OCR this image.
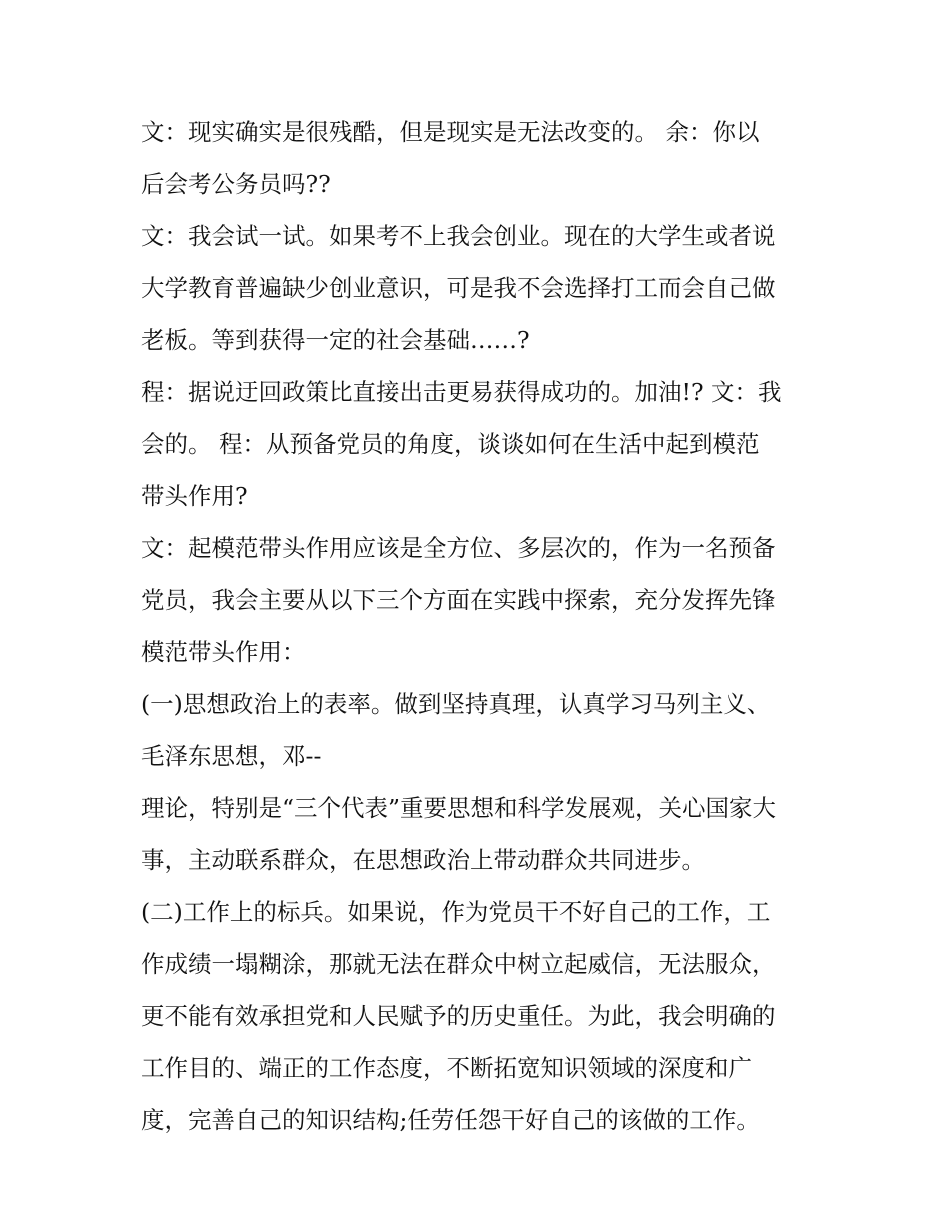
文：现实确实是很残酷，但是现实是无法改变的。 余：你以
后会考公务员吗??
文：我会试一试。如果考不上我会创业。现在的大学生或者说
大学教育普遍缺少创业意识，可是我不会选择打工而会自己做
老板。等到获得一定的社会基础……?
程：据说迂回政策比直接出击更易获得成功的。加油!? 文：我
会的。 程：从预备党员的角度，谈谈如何在生活中起到模范
带头作用?
文：起模范带头作用应该是全方位、多层次的，作为一名预备
党员，我会主要从以下三个方面在实践中探索，充分发挥先锋
模范带头作用：
(一)思想政治上的表率。做到坚持真理，认真学习马列主义、
毛泽东思想，邓--
理论，特别是“三个代表”重要思想和科学发展观，关心国家大
事，主动联系群众，在思想政治上带动群众共同进步。
(二)工作上的标兵。如果说，作为党员干不好自己的工作，工
作成绩一塌糊涂，那就无法在群众中树立起威信，无法服众，
更不能有效承担党和人民赋予的历史重任。为此，我会明确的
工作目的、端正的工作态度，不断拓宽知识领域的深度和广
度，完善自己的知识结构;任劳任怨干好自己的该做的工作。
